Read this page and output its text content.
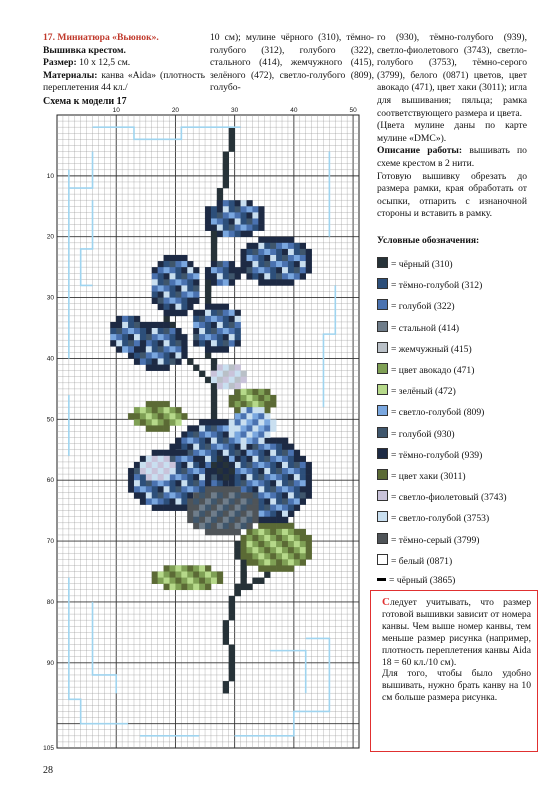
17. Миниатюра «Вьюнок».
Вышивка крестом.
Размер: 10 х 12,5 см.
Материалы: канва «Aida» (плотность переплетения 44 кл./
10 см); мулине чёрного (310), тёмно-голубого (312), голубого (322), стального (414), жемчужного (415), зелёного (472), светло-голубого (809), голубо-
го (930), тёмно-голубого (939), светло-фиолетового (3743), светло-голубого (3753), тёмно-серого (3799), белого (0871) цветов, цвет авокадо (471), цвет хаки (3011); игла для вышивания; пяльца; рамка соответствующего размера и цвета.
(Цвета мулине даны по карте мулине «DMC»).
Описание работы: вышивать по схеме крестом в 2 нити.
Готовую вышивку обрезать до размера рамки, края обработать от осыпки, отпарить с изнаночной стороны и вставить в рамку.
Схема к модели 17
10	20	30	40	50
10
20
30
40
50
60
70
80
90
105
Условные обозначения:
= чёрный (310)
= тёмно-голубой (312)
= голубой (322)
= стальной (414)
= жемчужный (415)
= цвет авокадо (471)
= зелёный (472)
= светло-голубой (809)
= голубой (930)
= тёмно-голубой (939)
= цвет хаки (3011)
= светло-фиолетовый (3743)
= светло-голубой (3753)
= тёмно-серый (3799)
= белый (0871)
= чёрный (3865)
Следует учитывать, что размер готовой вышивки зависит от номера канвы. Чем выше номер канвы, тем меньше размер рисунка (например, плотность переплетения канвы Aida 18 = 60 кл./10 см).
Для того, чтобы было удобно вышивать, нужно брать канву на 10 см больше размера рисунка.
28
